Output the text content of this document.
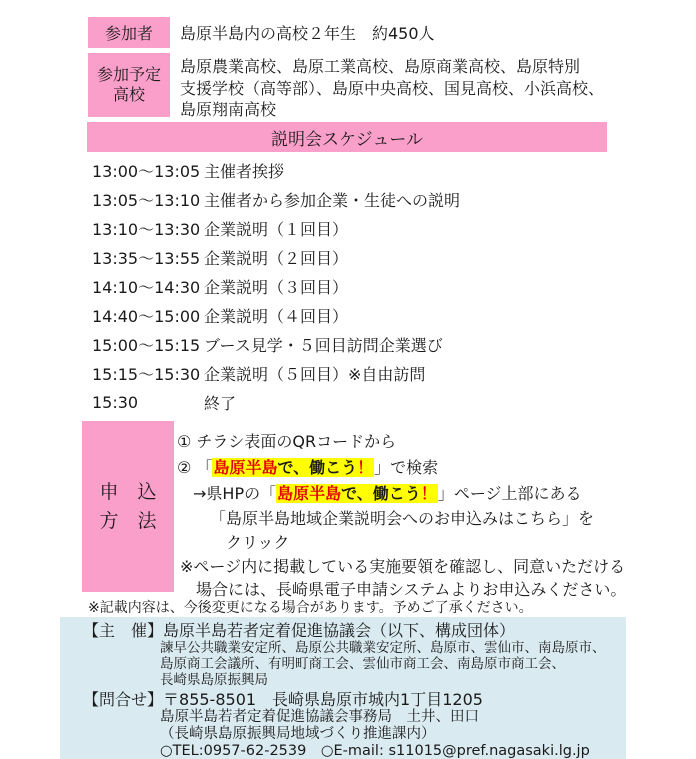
参加者 島原半島内の高校２年生　約450人
参加予定
高校
島原農業高校、島原工業高校、島原商業高校、島原特別
支援学校（高等部）、島原中央高校、国見高校、小浜高校、
島原翔南高校
説明会スケジュール
13:00～13:05 主催者挨拶
13:05～13:10 主催者から参加企業・生徒への説明
13:10～13:30 企業説明（１回目）
13:35～13:55 企業説明（２回目）
14:10～14:30 企業説明（３回目）
14:40～15:00 企業説明（４回目）
15:00～15:15 ブース見学・５回目訪問企業選び
15:15～15:30 企業説明（５回目）※自由訪問
15:30	終了
申　込
方　法
① チラシ表面のQRコードから
② 「島原半島で、働こう！」で検索
→県HPの「島原半島で、働こう！」ページ上部にある
「島原半島地域企業説明会へのお申込みはこちら」を
クリック
※ページ内に掲載している実施要領を確認し、同意いただける
場合には、長崎県電子申請システムよりお申込みください。
※記載内容は、今後変更になる場合があります。予めご了承ください。
【主　催】島原半島若者定着促進協議会（以下、構成団体）
諫早公共職業安定所、島原公共職業安定所、島原市、雲仙市、南島原市、
島原商工会議所、有明町商工会、雲仙市商工会、南島原市商工会、
長崎県島原振興局
【問合せ】〒855-8501　長崎県島原市城内1丁目1205
島原半島若者定着促進協議会事務局　土井、田口
（長崎県島原振興局地域づくり推進課内）
○TEL:0957-62-2539　○E-mail: s11015@pref.nagasaki.lg.jp
